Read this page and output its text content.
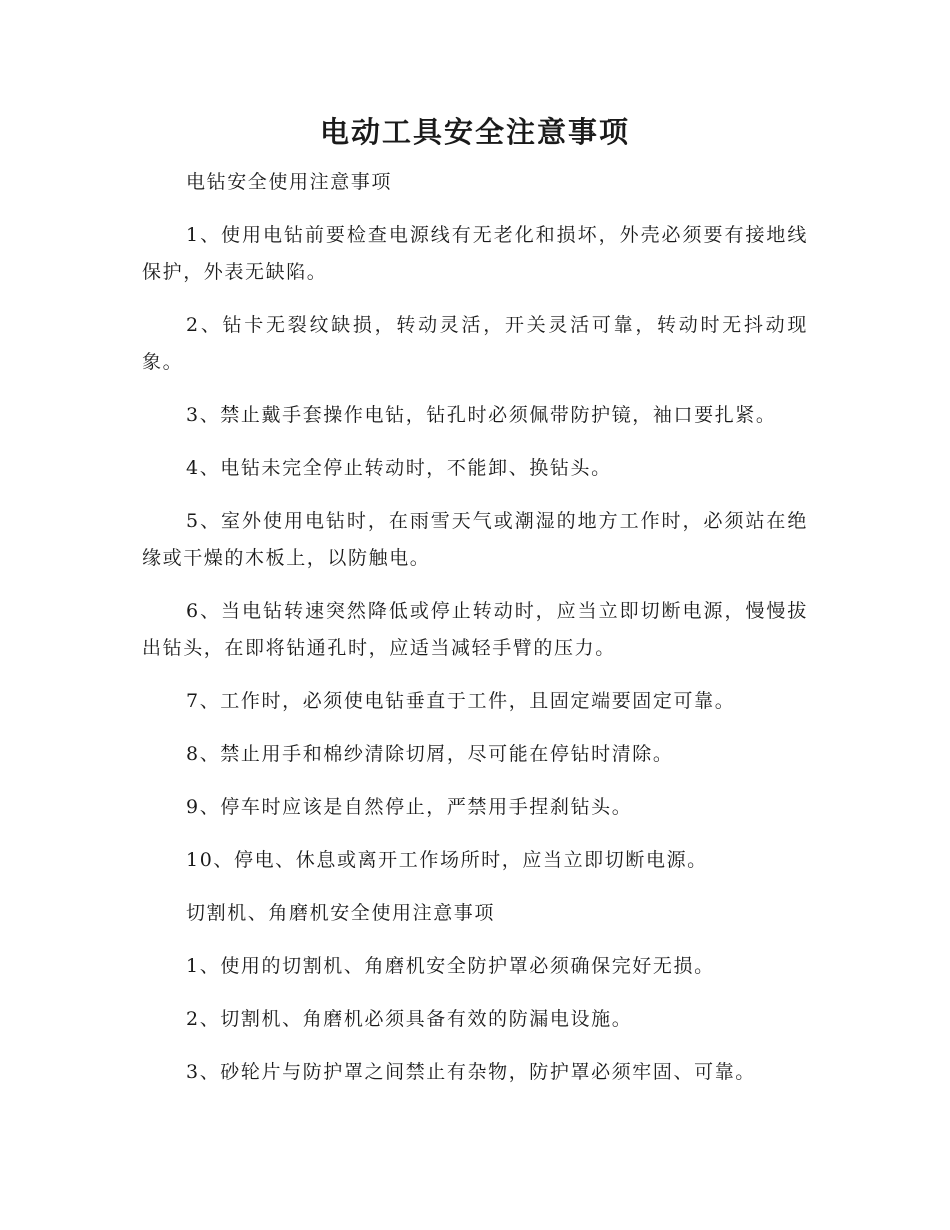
电动工具安全注意事项

电钻安全使用注意事项

1、使用电钻前要检查电源线有无老化和损坏，外壳必须要有接地线保护，外表无缺陷。

2、钻卡无裂纹缺损，转动灵活，开关灵活可靠，转动时无抖动现象。

3、禁止戴手套操作电钻，钻孔时必须佩带防护镜，袖口要扎紧。

4、电钻未完全停止转动时，不能卸、换钻头。

5、室外使用电钻时，在雨雪天气或潮湿的地方工作时，必须站在绝缘或干燥的木板上，以防触电。

6、当电钻转速突然降低或停止转动时，应当立即切断电源，慢慢拔出钻头，在即将钻通孔时，应适当减轻手臂的压力。

7、工作时，必须使电钻垂直于工件，且固定端要固定可靠。

8、禁止用手和棉纱清除切屑，尽可能在停钻时清除。

9、停车时应该是自然停止，严禁用手捏刹钻头。

10、停电、休息或离开工作场所时，应当立即切断电源。

切割机、角磨机安全使用注意事项

1、使用的切割机、角磨机安全防护罩必须确保完好无损。

2、切割机、角磨机必须具备有效的防漏电设施。

3、砂轮片与防护罩之间禁止有杂物，防护罩必须牢固、可靠。
